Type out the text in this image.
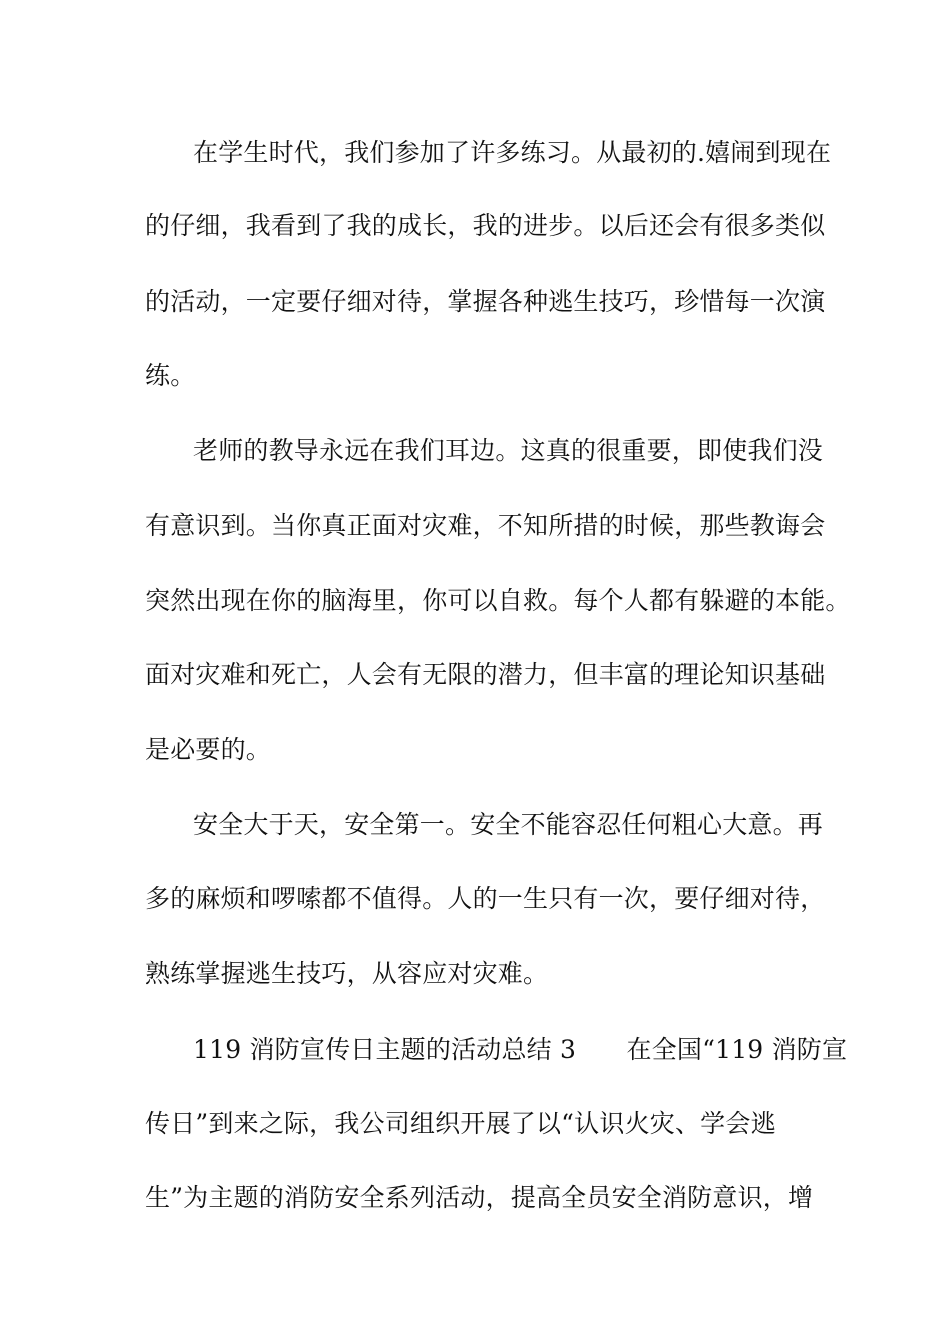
在学生时代，我们参加了许多练习。从最初的.嬉闹到现在
的仔细，我看到了我的成长，我的进步。以后还会有很多类似
的活动，一定要仔细对待，掌握各种逃生技巧，珍惜每一次演
练。
老师的教导永远在我们耳边。这真的很重要，即使我们没
有意识到。当你真正面对灾难，不知所措的时候，那些教诲会
突然出现在你的脑海里，你可以自救。每个人都有躲避的本能。
面对灾难和死亡，人会有无限的潜力，但丰富的理论知识基础
是必要的。
安全大于天，安全第一。安全不能容忍任何粗心大意。再
多的麻烦和啰嗦都不值得。人的一生只有一次，要仔细对待，
熟练掌握逃生技巧，从容应对灾难。
119 消防宣传日主题的活动总结 3　　在全国“119 消防宣
传日”到来之际，我公司组织开展了以“认识火灾、学会逃
生”为主题的消防安全系列活动，提高全员安全消防意识，增
